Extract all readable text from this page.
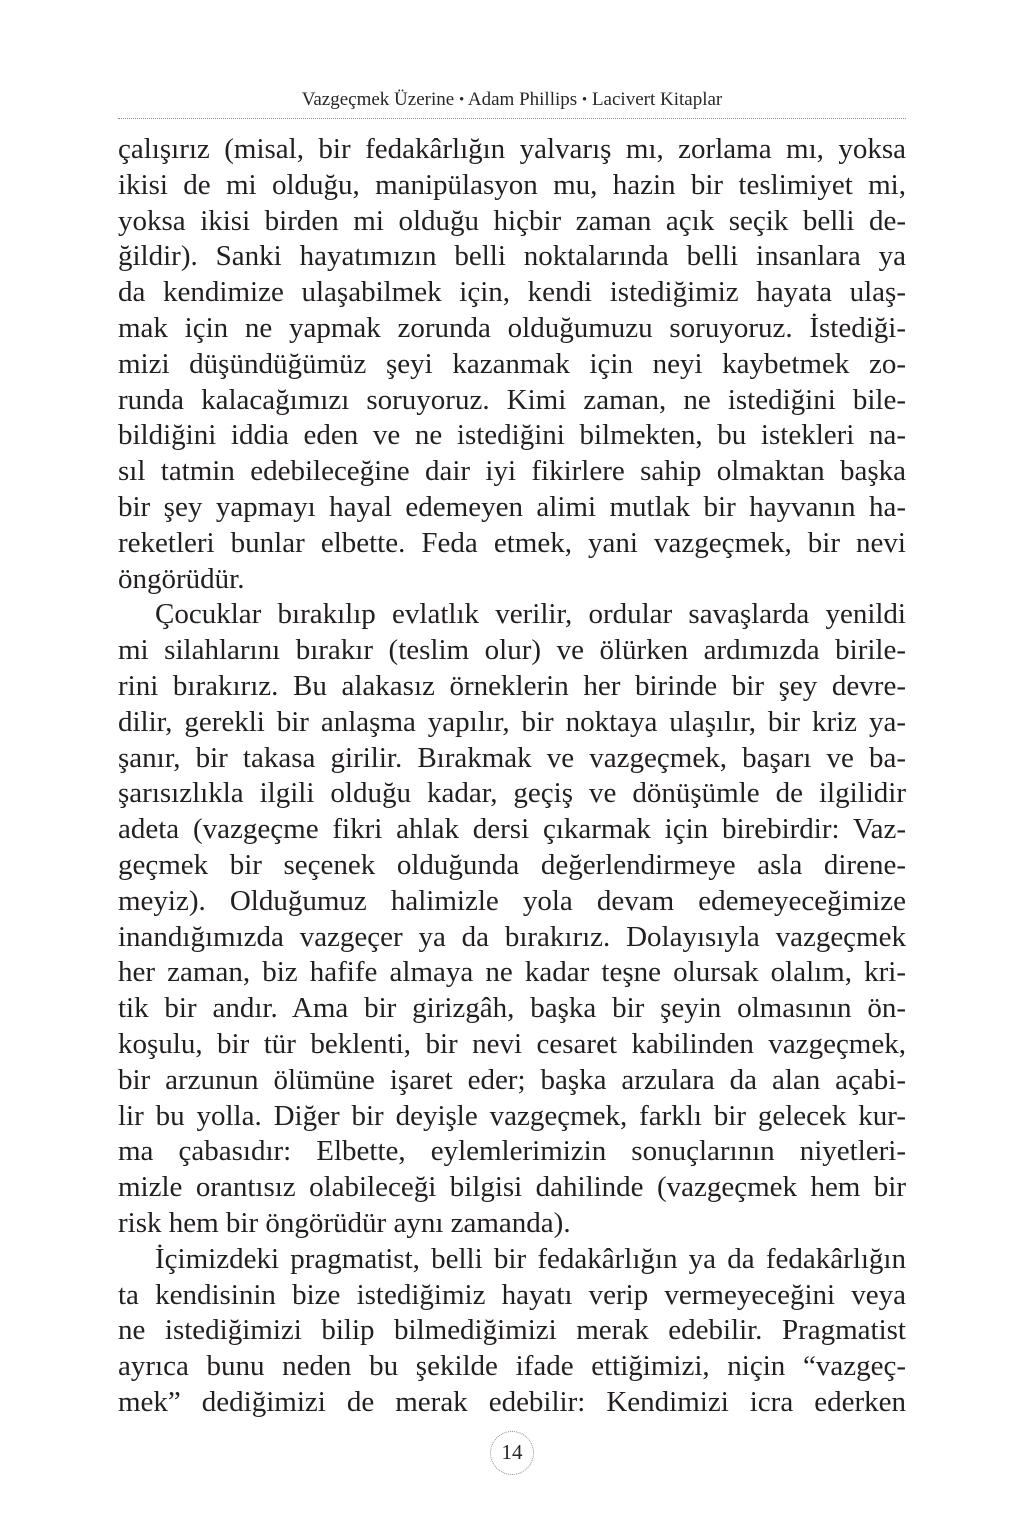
Vazgeçmek Üzerine • Adam Phillips • Lacivert Kitaplar
çalışırız (misal, bir fedakârlığın yalvarış mı, zorlama mı, yoksa
ikisi de mi olduğu, manipülasyon mu, hazin bir teslimiyet mi,
yoksa ikisi birden mi olduğu hiçbir zaman açık seçik belli de-
ğildir). Sanki hayatımızın belli noktalarında belli insanlara ya
da kendimize ulaşabilmek için, kendi istediğimiz hayata ulaş-
mak için ne yapmak zorunda olduğumuzu soruyoruz. İstediği-
mizi düşündüğümüz şeyi kazanmak için neyi kaybetmek zo-
runda kalacağımızı soruyoruz. Kimi zaman, ne istediğini bile-
bildiğini iddia eden ve ne istediğini bilmekten, bu istekleri na-
sıl tatmin edebileceğine dair iyi fikirlere sahip olmaktan başka
bir şey yapmayı hayal edemeyen alimi mutlak bir hayvanın ha-
reketleri bunlar elbette. Feda etmek, yani vazgeçmek, bir nevi
öngörüdür.
Çocuklar bırakılıp evlatlık verilir, ordular savaşlarda yenildi
mi silahlarını bırakır (teslim olur) ve ölürken ardımızda birile-
rini bırakırız. Bu alakasız örneklerin her birinde bir şey devre-
dilir, gerekli bir anlaşma yapılır, bir noktaya ulaşılır, bir kriz ya-
şanır, bir takasa girilir. Bırakmak ve vazgeçmek, başarı ve ba-
şarısızlıkla ilgili olduğu kadar, geçiş ve dönüşümle de ilgilidir
adeta (vazgeçme fikri ahlak dersi çıkarmak için birebirdir: Vaz-
geçmek bir seçenek olduğunda değerlendirmeye asla direne-
meyiz). Olduğumuz halimizle yola devam edemeyeceğimize
inandığımızda vazgeçer ya da bırakırız. Dolayısıyla vazgeçmek
her zaman, biz hafife almaya ne kadar teşne olursak olalım, kri-
tik bir andır. Ama bir girizgâh, başka bir şeyin olmasının ön-
koşulu, bir tür beklenti, bir nevi cesaret kabilinden vazgeçmek,
bir arzunun ölümüne işaret eder; başka arzulara da alan açabi-
lir bu yolla. Diğer bir deyişle vazgeçmek, farklı bir gelecek kur-
ma çabasıdır: Elbette, eylemlerimizin sonuçlarının niyetleri-
mizle orantısız olabileceği bilgisi dahilinde (vazgeçmek hem bir
risk hem bir öngörüdür aynı zamanda).
İçimizdeki pragmatist, belli bir fedakârlığın ya da fedakârlığın
ta kendisinin bize istediğimiz hayatı verip vermeyeceğini veya
ne istediğimizi bilip bilmediğimizi merak edebilir. Pragmatist
ayrıca bunu neden bu şekilde ifade ettiğimizi, niçin “vazgeç-
mek” dediğimizi de merak edebilir: Kendimizi icra ederken
14
